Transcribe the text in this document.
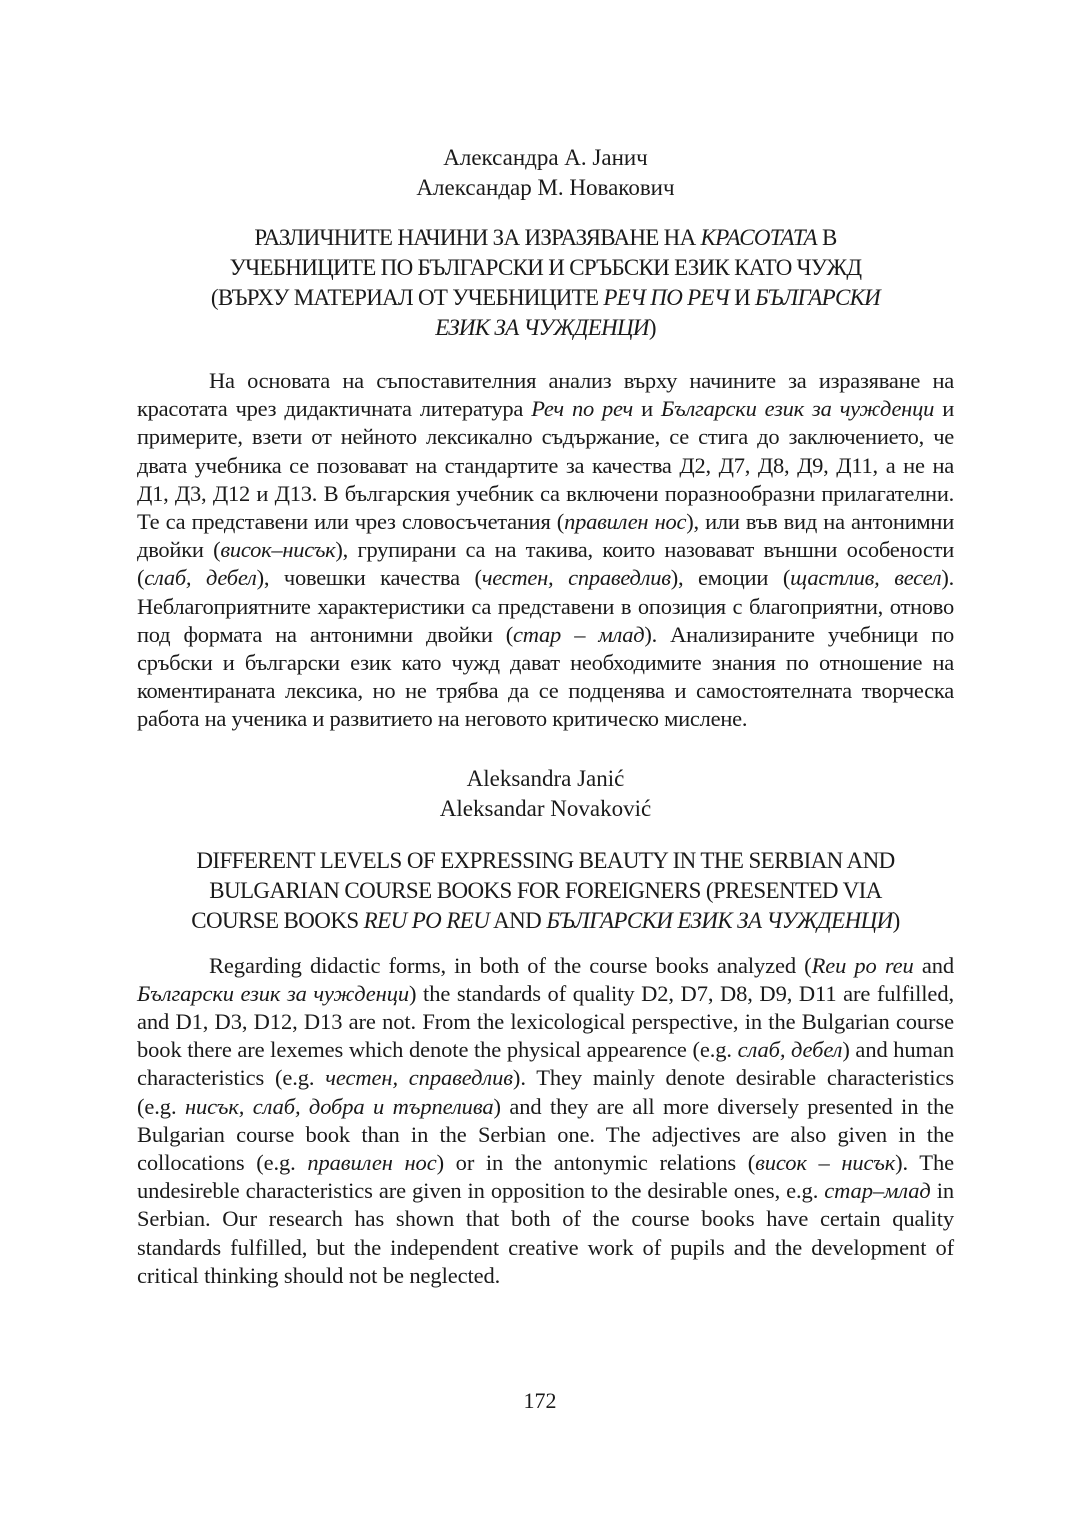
Александра А. Јанич
Александар М. Новакович
РАЗЛИЧНИТЕ НАЧИНИ ЗА ИЗРАЗЯВАНЕ НА КРАСОТАТА В
УЧЕБНИЦИТЕ ПО БЪЛГАРСКИ И СРЪБСКИ ЕЗИК КАТО ЧУЖД
(ВЪРХУ МАТЕРИАЛ ОТ УЧЕБНИЦИТЕ РЕЧ ПО РЕЧ И БЪЛГАРСКИ
ЕЗИК ЗА ЧУЖДЕНЦИ)

На основата на съпоставителния анализ върху начините за изразяване на красотата чрез дидактичната литература Реч по реч и Български език за чужденци и примерите, взети от нейното лексикално съдържание, се стига до заключението, че двата учебника се позовават на стандартите за качества Д2, Д7, Д8, Д9, Д11, а не на Д1, Д3, Д12 и Д13. В българския учебник са включени поразнообразни прилагателни. Те са представени или чрез словосъчетания (правилен нос), или във вид на антонимни двойки (висок–нисък), групирани са на такива, които назовават външни особености (слаб, дебел), човешки качества (честен, справедлив), емоции (щастлив, весел). Неблагоприятните характеристики са представени в опозиция с благоприятни, отново под формата на антонимни двойки (стар – млад). Анализираните учебници по сръбски и български език като чужд дават необходимите знания по отношение на коментираната лексика, но не трябва да се подценява и самостоятелната творческа работа на ученика и развитието на неговото критическо мислене.

Aleksandra Janić
Aleksandar Novaković
DIFFERENT LEVELS OF EXPRESSING BEAUTY IN THE SERBIAN AND
BULGARIAN COURSE BOOKS FOR FOREIGNERS (PRESENTED VIA
COURSE BOOKS REU PO REU AND БЪЛГАРСКИ ЕЗИК ЗА ЧУЖДЕНЦИ)

Regarding didactic forms, in both of the course books analyzed (Reu po reu and Български език за чужденци) the standards of quality D2, D7, D8, D9, D11 are fulfilled, and D1, D3, D12, D13 are not. From the lexicological perspective, in the Bulgarian course book there are lexemes which denote the physical appearence (e.g. слаб, дебел) and human characteristics (e.g. честен, справедлив). They mainly denote desirable characteristics (e.g. нисък, слаб, добра и търпелива) and they are all more diversely presented in the Bulgarian course book than in the Serbian one. The adjectives are also given in the collocations (e.g. правилен нос) or in the antonymic relations (висок – нисък). The undesireble characteristics are given in opposition to the desirable ones, e.g. стар–млад in Serbian. Our research has shown that both of the course books have certain quality standards fulfilled, but the independent creative work of pupils and the development of critical thinking should not be neglected.

172
